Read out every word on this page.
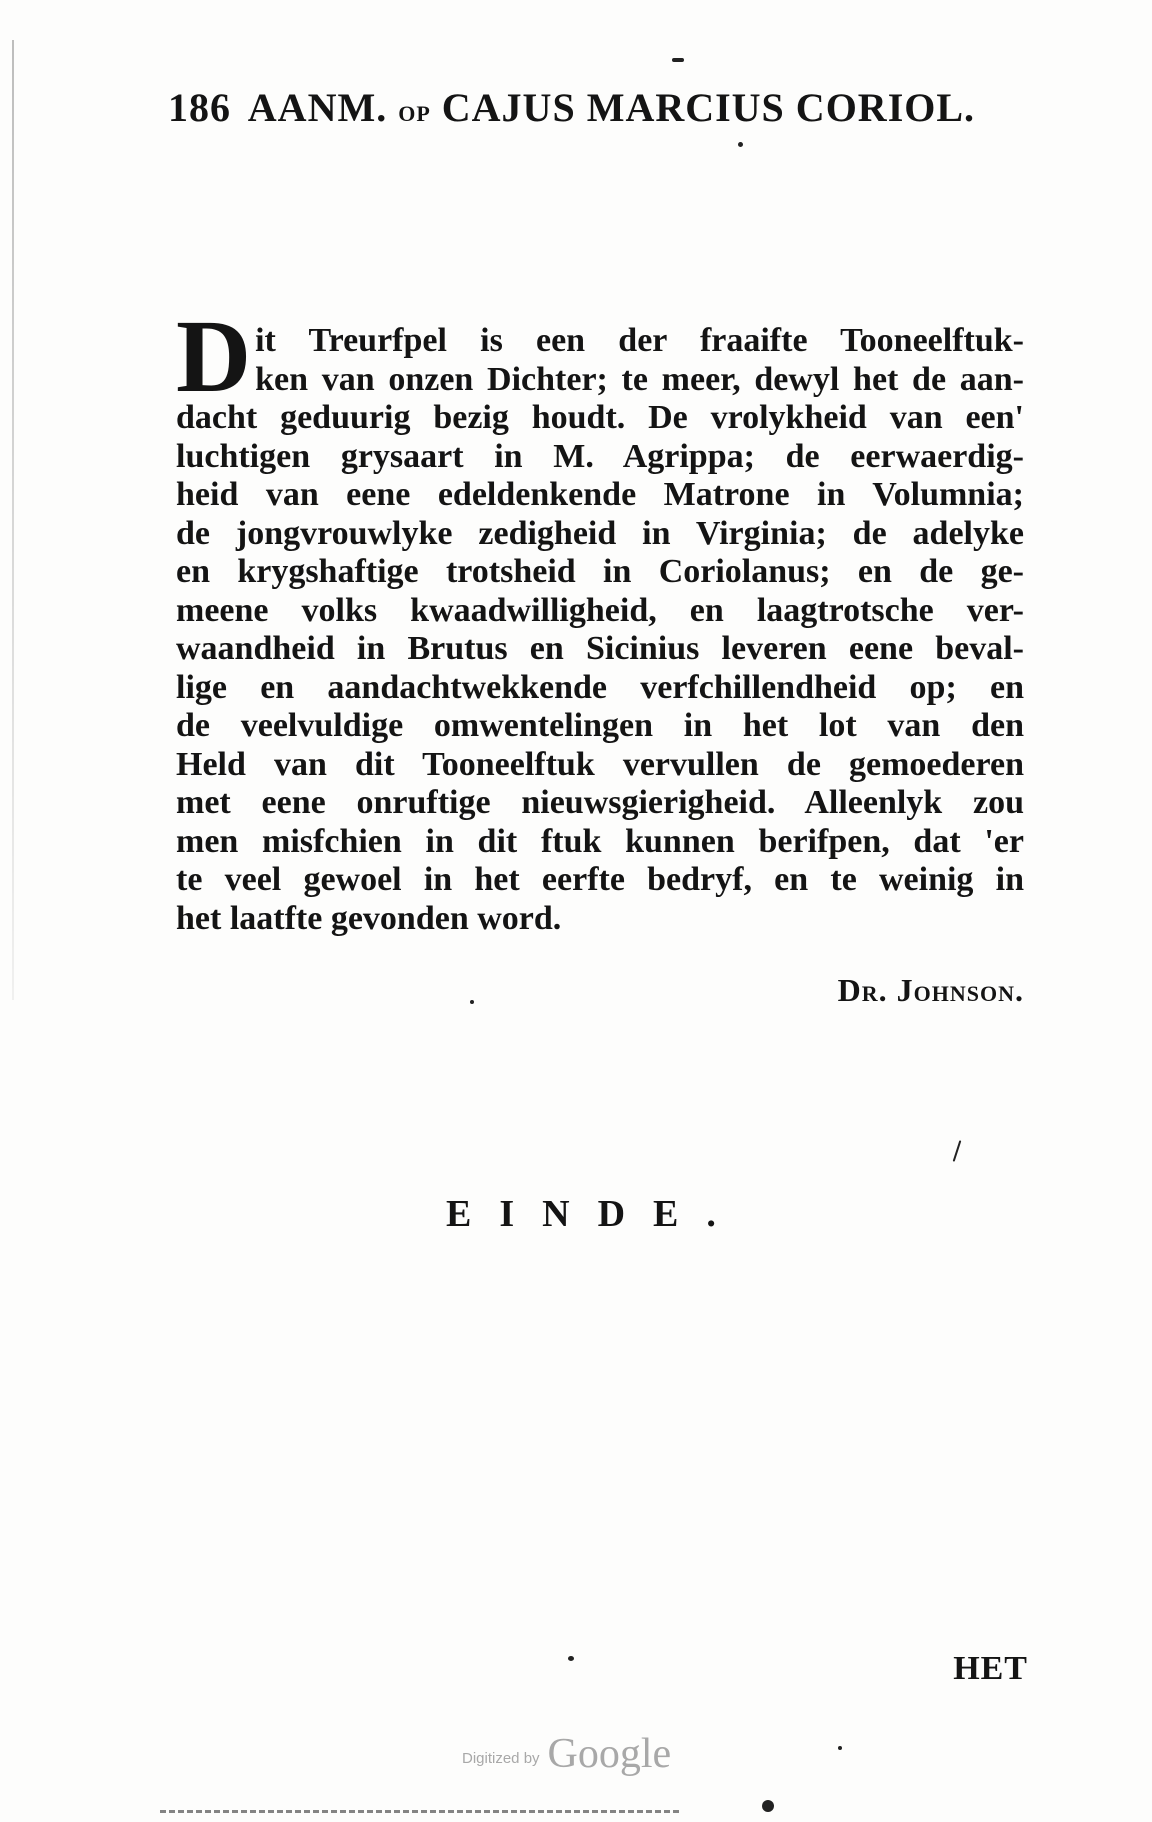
186 AANM. OP CAJUS MARCIUS CORIOL.
D it Treurfpel is een der fraaifte Tooneelftuk-
ken van onzen Dichter; te meer, dewyl het de aan-
dacht geduurig bezig houdt. De vrolykheid van een'
luchtigen grysaart in M. Agrippa; de eerwaerdig-
heid van eene edeldenkende Matrone in Volumnia;
de jongvrouwlyke zedigheid in Virginia; de adelyke
en krygshaftige trotsheid in Coriolanus; en de ge-
meene volks kwaadwilligheid, en laagtrotsche ver-
waandheid in Brutus en Sicinius leveren eene beval-
lige en aandachtwekkende verfchillendheid op; en
de veelvuldige omwentelingen in het lot van den
Held van dit Tooneelftuk vervullen de gemoederen
met eene onruftige nieuwsgierigheid. Alleenlyk zou
men misfchien in dit ftuk kunnen berifpen, dat 'er
te veel gewoel in het eerfte bedryf, en te weinig in
het laatfte gevonden word.
Dr. Johnson.
EINDE.
HET
Digitized by Google
